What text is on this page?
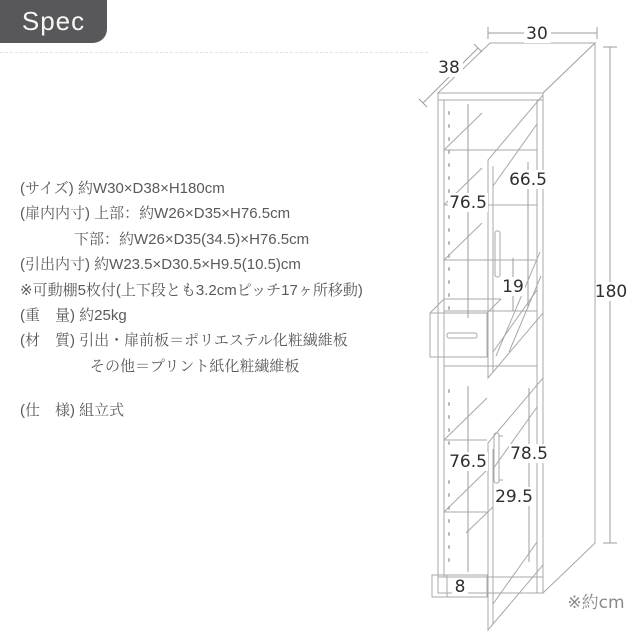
Spec
(サイズ) 約W30×D38×H180cm
(扉内内寸) 上部：約W26×D35×H76.5cm
下部：約W26×D35(34.5)×H76.5cm
(引出内寸) 約W23.5×D30.5×H9.5(10.5)cm
※可動棚5枚付(上下段とも3.2cmピッチ17ヶ所移動)
(重　量) 約25kg
(材　質) 引出・扉前板＝ポリエステル化粧繊維板
その他＝プリント紙化粧繊維板
(仕　様) 組立式
30
38
180
66.5
76.5
19
78.5
76.5
29.5
8
※約cm
